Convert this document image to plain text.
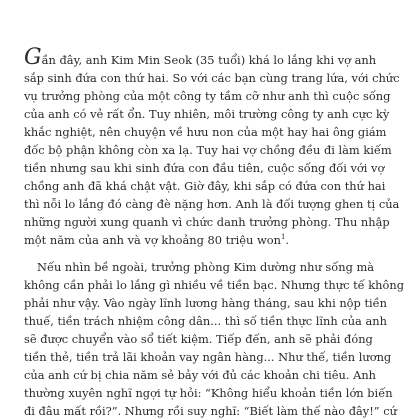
Gần đây, anh Kim Min Seok (35 tuổi) khá lo lắng khi vợ anh
sắp sinh đứa con thứ hai. So với các bạn cùng trang lứa, với chức
vụ trưởng phòng của một công ty tầm cỡ như anh thì cuộc sống
của anh có vẻ rất ổn. Tuy nhiên, môi trường công ty anh cực kỳ
khắc nghiệt, nên chuyện về hưu non của một hay hai ông giám
đốc bộ phận không còn xa lạ. Tuy hai vợ chồng đều đi làm kiếm
tiền nhưng sau khi sinh đứa con đầu tiên, cuộc sống đối với vợ
chồng anh đã khá chật vật. Giờ đây, khi sắp có đứa con thứ hai
thì nỗi lo lắng đó càng đè nặng hơn. Anh là đối tượng ghen tị của
những người xung quanh vì chức danh trưởng phòng. Thu nhập
một năm của anh và vợ khoảng 80 triệu won$^1$.

Nếu nhìn bề ngoài, trưởng phòng Kim dường như sống mà
không cần phải lo lắng gì nhiều về tiền bạc. Nhưng thực tế không
phải như vậy. Vào ngày lĩnh lương hàng tháng, sau khi nộp tiền
thuế, tiền trách nhiệm công dân... thì số tiền thực lĩnh của anh
sẽ được chuyển vào sổ tiết kiệm. Tiếp đến, anh sẽ phải đóng
tiền thẻ, tiền trả lãi khoản vay ngân hàng... Như thế, tiền lương
của anh cứ bị chia năm sẻ bảy với đủ các khoản chi tiêu. Anh
thường xuyên nghĩ ngợi tự hỏi: “Không hiểu khoản tiền lớn biến
đi đâu mất rồi?”. Nhưng rồi suy nghĩ: “Biết làm thế nào đây!” cứ
